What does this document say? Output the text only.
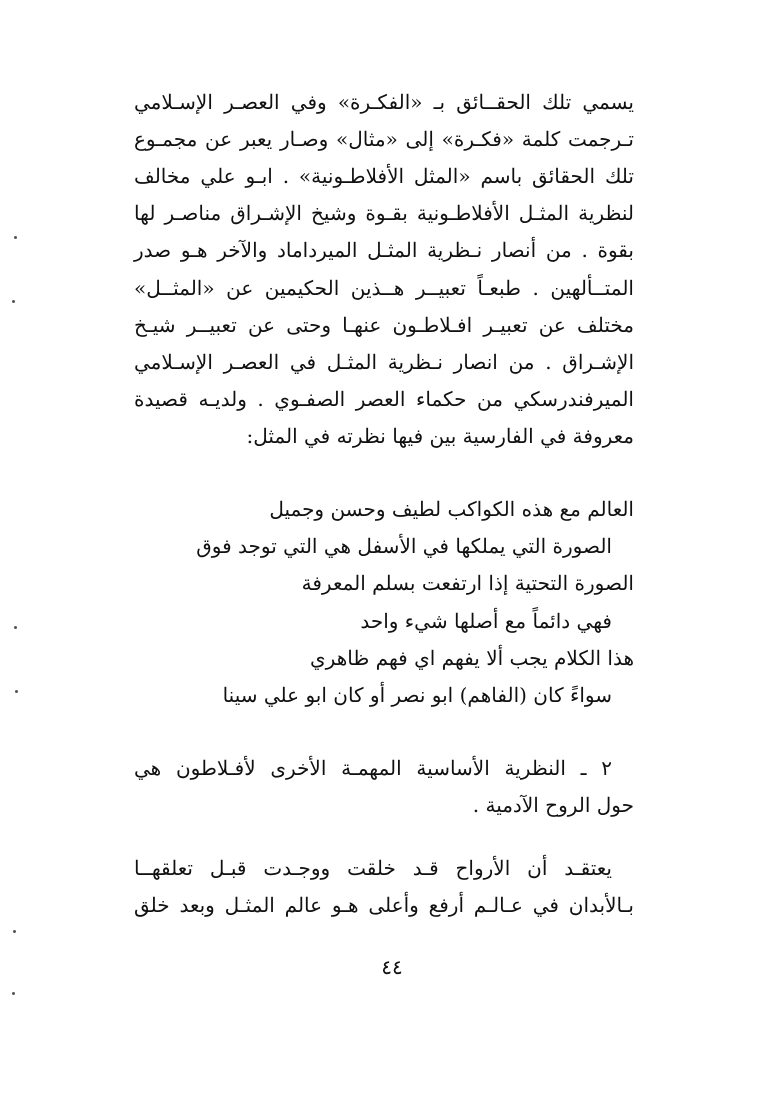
يسمي تلك الحقــائق بـ «الفكـرة» وفي العصـر الإسـلامي
تـرجمت كلمة «فكـرة» إلى «مثال» وصـار يعبر عن مجمـوع
تلك الحقائق باسم «المثل الأفلاطـونية» . ابـو علي مخالف
لنظرية المثـل الأفلاطـونية بقـوة وشيخ الإشـراق مناصـر لها
بقوة . من أنصار نـظرية المثـل الميرداماد والآخر هـو صدر
المتــألهين . طبعـاً تعبيــر هــذين الحكيمين عن «المثــل»
مختلف عن تعبيـر افـلاطـون عنهـا وحتى عن تعبيــر شيـخ
الإشـراق . من انصار نـظرية المثـل في العصـر الإسـلامي
الميرفندرسكي من حكماء العصر الصفـوي . ولديـه قصيدة
معروفة في الفارسية بين فيها نظرته في المثل:
العالم مع هذه الكواكب لطيف وحسن وجميل
الصورة التي يملكها في الأسفل هي التي توجد فوق
الصورة التحتية إذا ارتفعت بسلم المعرفة
فهي دائماً مع أصلها شيء واحد
هذا الكلام يجب ألا يفهم اي فهم ظاهري
سواءً كان (الفاهم) ابو نصر أو كان ابو علي سينا
٢ ـ النظرية الأساسية المهمـة الأخرى لأفـلاطون هي
حول الروح الآدمية .
يعتقـد أن الأرواح قـد خلقت ووجـدت قبـل تعلقهــا
بـالأبدان في عـالـم أرفع وأعلى هـو عالم المثـل وبعد خلق
٤٤
